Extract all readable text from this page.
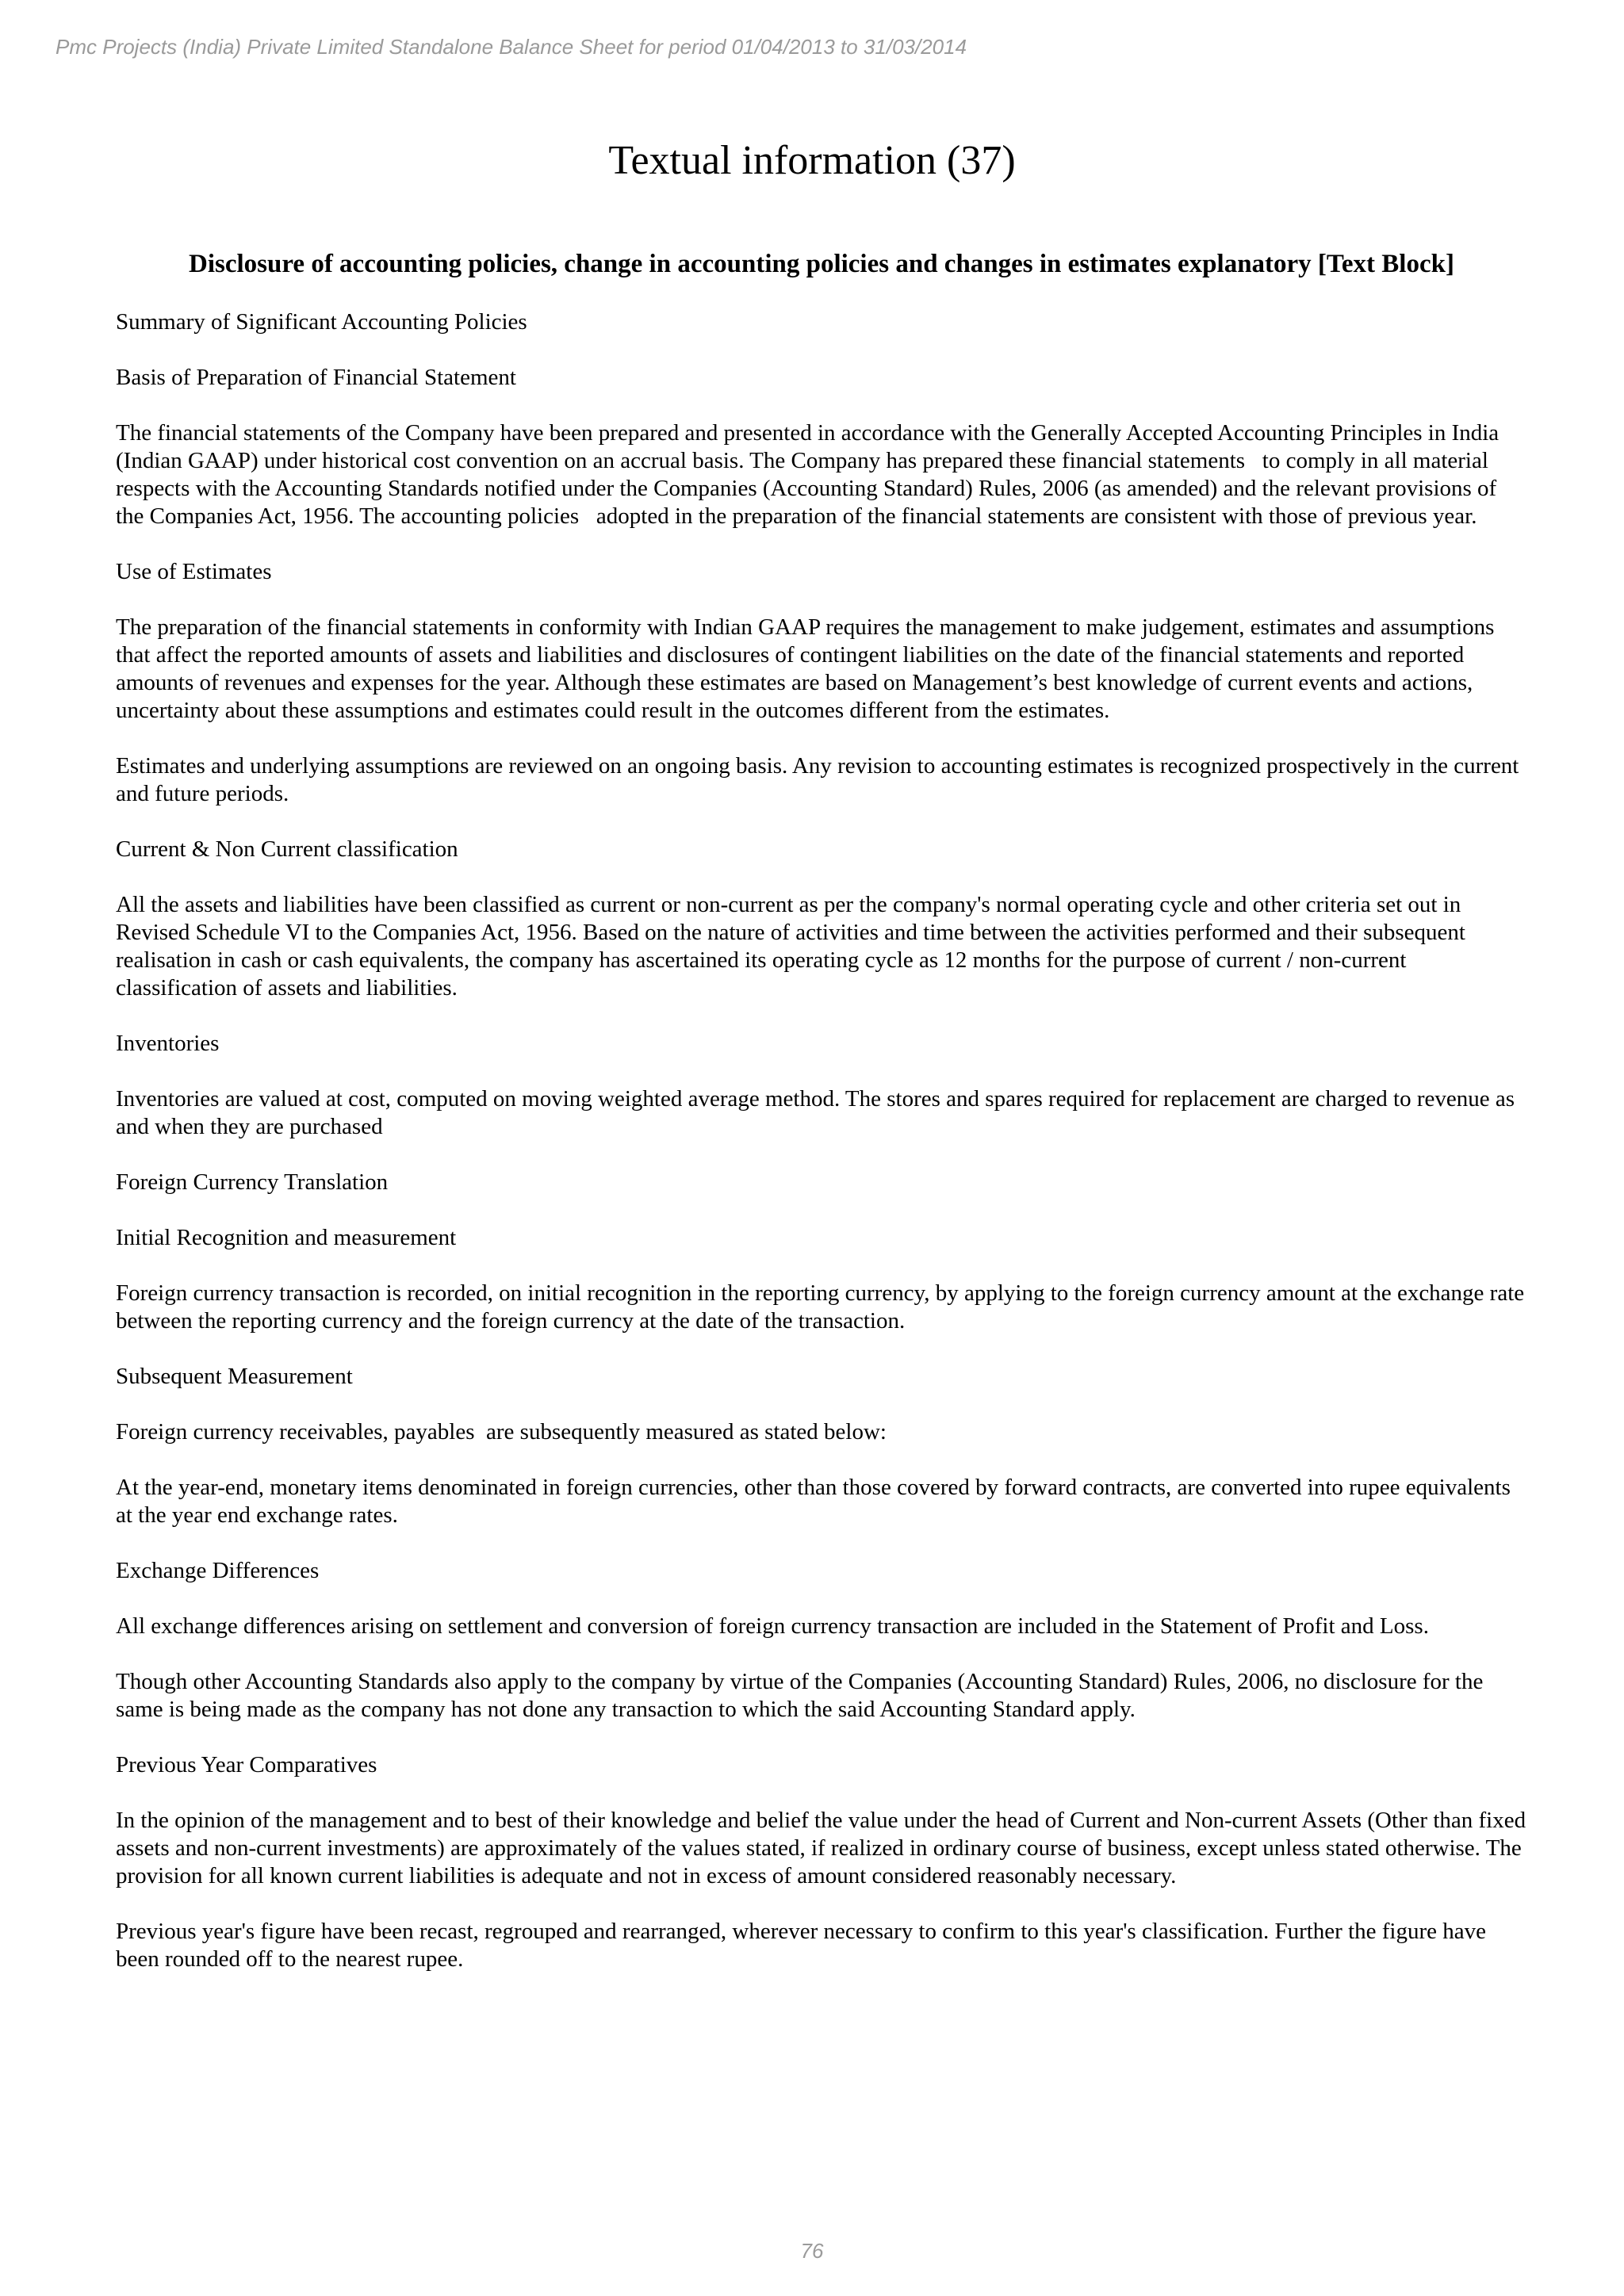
Pmc Projects (India) Private Limited Standalone Balance Sheet for period 01/04/2013 to 31/03/2014
Textual information (37)
Disclosure of accounting policies, change in accounting policies and changes in estimates explanatory [Text Block]

Summary of Significant Accounting Policies

Basis of Preparation of Financial Statement

The financial statements of the Company have been prepared and presented in accordance with the Generally Accepted Accounting Principles in India (Indian GAAP) under historical cost convention on an accrual basis. The Company has prepared these financial statements   to comply in all material respects with the Accounting Standards notified under the Companies (Accounting Standard) Rules, 2006 (as amended) and the relevant provisions of the Companies Act, 1956. The accounting policies   adopted in the preparation of the financial statements are consistent with those of previous year.

Use of Estimates

The preparation of the financial statements in conformity with Indian GAAP requires the management to make judgement, estimates and assumptions that affect the reported amounts of assets and liabilities and disclosures of contingent liabilities on the date of the financial statements and reported amounts of revenues and expenses for the year. Although these estimates are based on Management’s best knowledge of current events and actions, uncertainty about these assumptions and estimates could result in the outcomes different from the estimates.

Estimates and underlying assumptions are reviewed on an ongoing basis. Any revision to accounting estimates is recognized prospectively in the current and future periods.

Current & Non Current classification

All the assets and liabilities have been classified as current or non-current as per the company's normal operating cycle and other criteria set out in Revised Schedule VI to the Companies Act, 1956. Based on the nature of activities and time between the activities performed and their subsequent realisation in cash or cash equivalents, the company has ascertained its operating cycle as 12 months for the purpose of current / non-current classification of assets and liabilities.

Inventories

Inventories are valued at cost, computed on moving weighted average method. The stores and spares required for replacement are charged to revenue as and when they are purchased

Foreign Currency Translation

Initial Recognition and measurement

Foreign currency transaction is recorded, on initial recognition in the reporting currency, by applying to the foreign currency amount at the exchange rate between the reporting currency and the foreign currency at the date of the transaction.

Subsequent Measurement

Foreign currency receivables, payables  are subsequently measured as stated below:

At the year-end, monetary items denominated in foreign currencies, other than those covered by forward contracts, are converted into rupee equivalents at the year end exchange rates.

Exchange Differences

All exchange differences arising on settlement and conversion of foreign currency transaction are included in the Statement of Profit and Loss.

Though other Accounting Standards also apply to the company by virtue of the Companies (Accounting Standard) Rules, 2006, no disclosure for the same is being made as the company has not done any transaction to which the said Accounting Standard apply.

Previous Year Comparatives

In the opinion of the management and to best of their knowledge and belief the value under the head of Current and Non-current Assets (Other than fixed assets and non-current investments) are approximately of the values stated, if realized in ordinary course of business, except unless stated otherwise. The provision for all known current liabilities is adequate and not in excess of amount considered reasonably necessary.

Previous year's figure have been recast, regrouped and rearranged, wherever necessary to confirm to this year's classification. Further the figure have been rounded off to the nearest rupee.

76
